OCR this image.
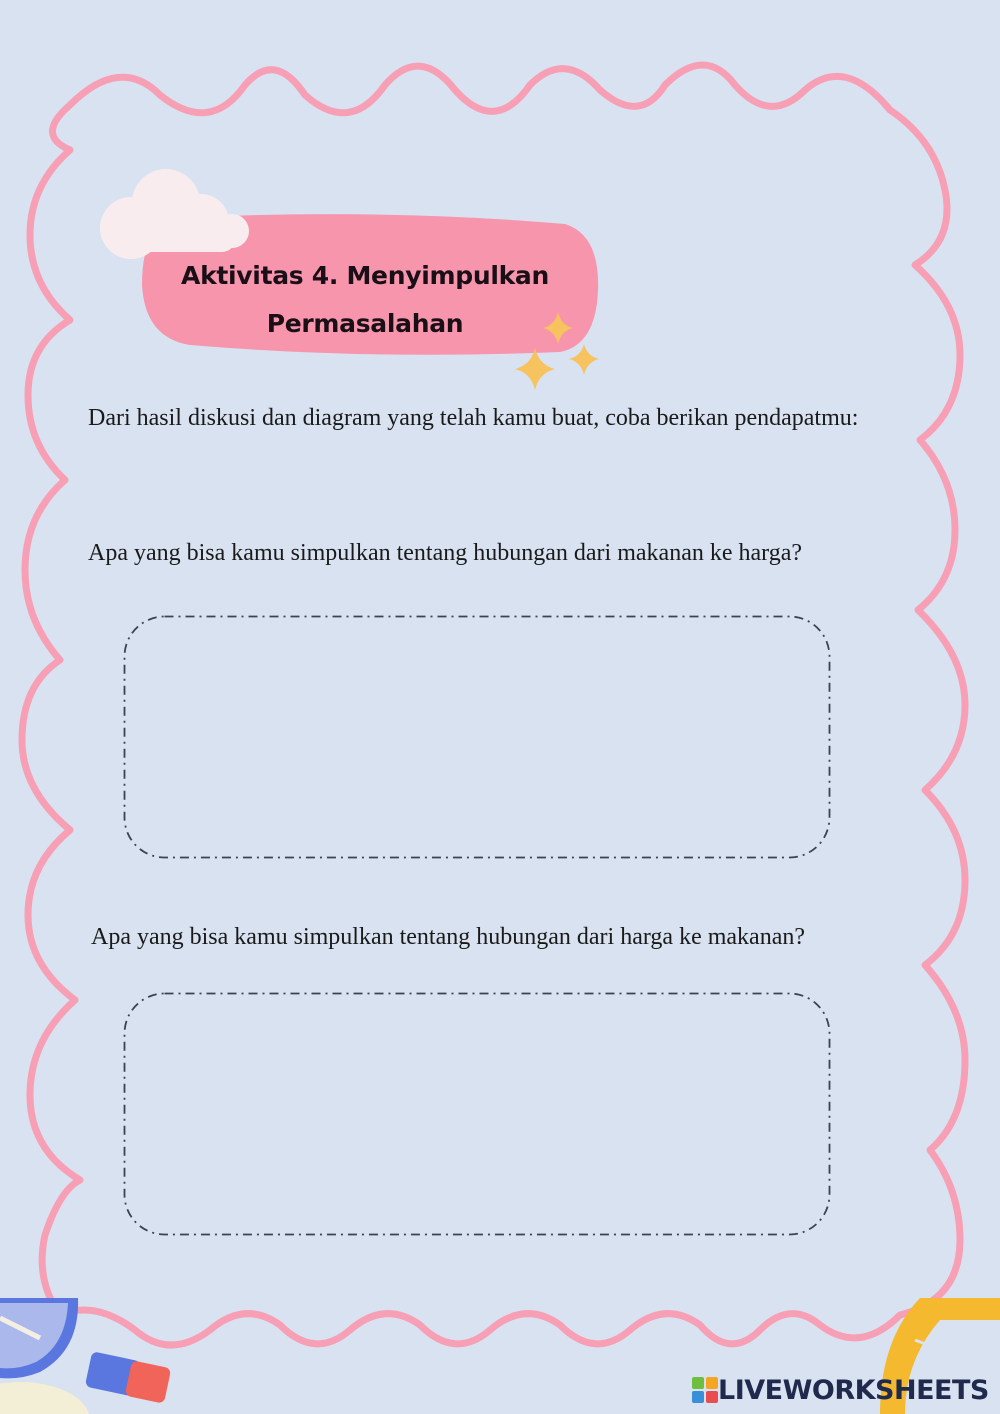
Aktivitas 4. Menyimpulkan
Permasalahan
Dari hasil diskusi dan diagram yang telah kamu buat, coba berikan pendapatmu:
Apa yang bisa kamu simpulkan tentang hubungan dari makanan ke harga?
Apa yang bisa kamu simpulkan tentang hubungan dari harga ke makanan?
LIVEWORKSHEETS
